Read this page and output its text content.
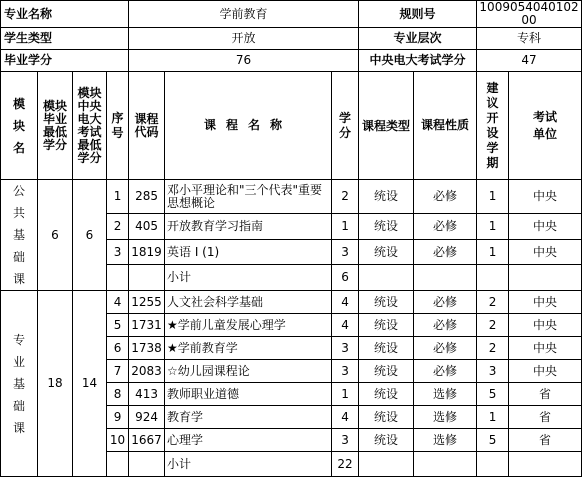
专业名称				学前教育			规则号		100905404010200	
学生类型				开放			专业层次		专科	
毕业学分				76			中央电大考试学分		47	
模块名	模块毕业最低学分	模块中央电大考试最低学分	序号	课程代码	课程名称	学分	课程类型	课程性质	建议开设学期	考试单位
公共基础课	6	6	1	285	邓小平理论和"三个代表"重要思想概论	2	统设	必修	1	中央
			2	405	开放教育学习指南	1	统设	必修	1	中央
			3	1819	英语 I (1)	3	统设	必修	1	中央
					小计	6				
专业基础课	18	14	4	1255	人文社会科学基础	4	统设	必修	2	中央
			5	1731	★学前儿童发展心理学	4	统设	必修	2	中央
			6	1738	★学前教育学	3	统设	必修	2	中央
			7	2083	☆幼儿园课程论	3	统设	必修	3	中央
			8	413	教师职业道德	1	统设	选修	5	省
			9	924	教育学	4	统设	选修	1	省
			10	1667	心理学	3	统设	选修	5	省
					小计	22				
